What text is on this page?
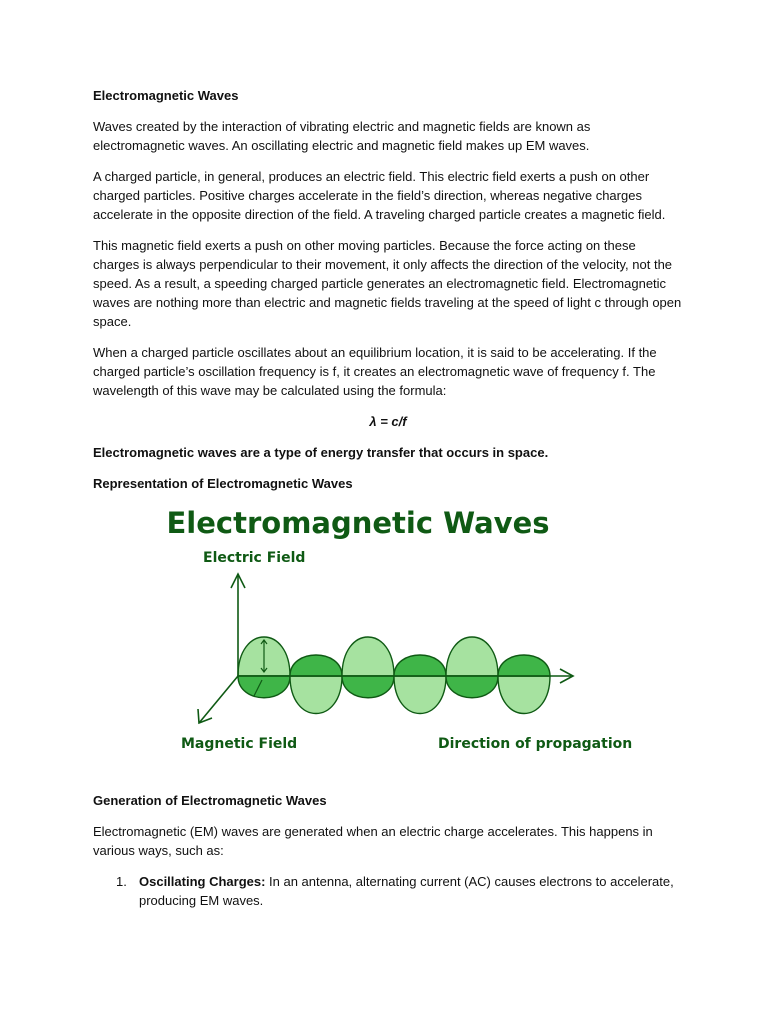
Electromagnetic Waves

Waves created by the interaction of vibrating electric and magnetic fields are known as electromagnetic waves. An oscillating electric and magnetic field makes up EM waves.

A charged particle, in general, produces an electric field. This electric field exerts a push on other charged particles. Positive charges accelerate in the field’s direction, whereas negative charges accelerate in the opposite direction of the field. A traveling charged particle creates a magnetic field.

This magnetic field exerts a push on other moving particles. Because the force acting on these charges is always perpendicular to their movement, it only affects the direction of the velocity, not the speed. As a result, a speeding charged particle generates an electromagnetic field. Electromagnetic waves are nothing more than electric and magnetic fields traveling at the speed of light c through open space.

When a charged particle oscillates about an equilibrium location, it is said to be accelerating. If the charged particle’s oscillation frequency is f, it creates an electromagnetic wave of frequency f. The wavelength of this wave may be calculated using the formula:

λ = c/f

Electromagnetic waves are a type of energy transfer that occurs in space.

Representation of Electromagnetic Waves

Electromagnetic Waves
Electric Field
Magnetic Field	Direction of propagation

Generation of Electromagnetic Waves

Electromagnetic (EM) waves are generated when an electric charge accelerates. This happens in various ways, such as:

1. Oscillating Charges: In an antenna, alternating current (AC) causes electrons to accelerate, producing EM waves.
